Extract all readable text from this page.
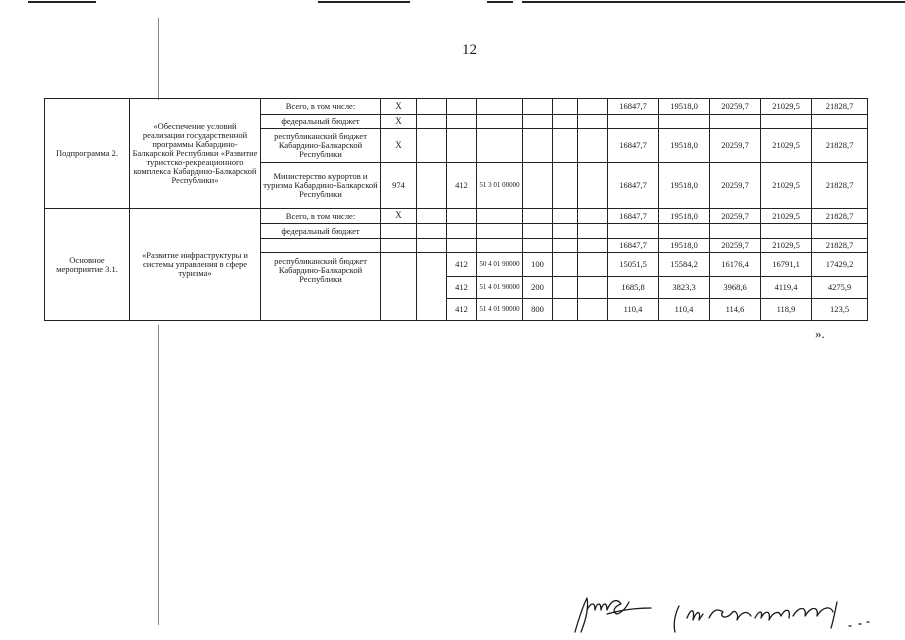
12
Подпрограмма 2.	«Обеспечение условий реализации государственной программы Кабардино-Балкарской Республики «Развитие туристско-рекреационного комплекса Кабардино-Балкарской Республики»	Всего, в том числе:	X							16847,7	19518,0	20259,7	21029,5	21828,7
		федеральный бюджет	X											
		республиканский бюджет Кабардино-Балкарской Республики	X							16847,7	19518,0	20259,7	21029,5	21828,7
		Министерство курортов и туризма Кабардино-Балкарской Республики	974		412	51 3 01 00000				16847,7	19518,0	20259,7	21029,5	21828,7
Основное мероприятие 3.1.	«Развитие инфраструктуры и системы управления в сфере туризма»	Всего, в том числе:	X							16847,7	19518,0	20259,7	21029,5	21828,7
		федеральный бюджет												
										16847,7	19518,0	20259,7	21029,5	21828,7
		республиканский бюджет Кабардино-Балкарской Республики			412	50 4 01 90000	100			15051,5	15584,2	16176,4	16791,1	17429,2
					412	51 4 01 90000	200			1685,8	3823,3	3968,6	4119,4	4275,9
					412	51 4 01 90000	800			110,4	110,4	114,6	118,9	123,5
».
